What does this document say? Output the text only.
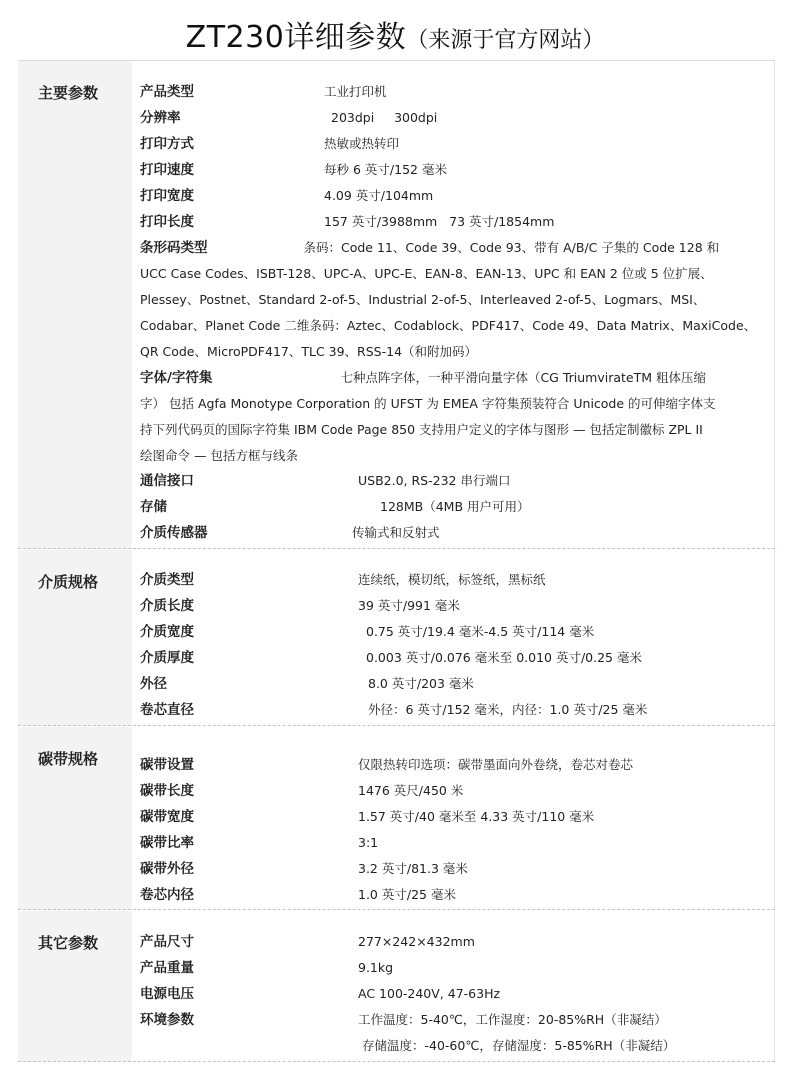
ZT230详细参数（来源于官方网站）
主要参数	产品类型	工业打印机
分辨率	203dpi     300dpi
打印方式	热敏或热转印
打印速度	每秒 6 英寸/152 毫米
打印宽度	4.09 英寸/104mm
打印长度	157 英寸/3988mm   73 英寸/1854mm
条形码类型	条码：Code 11、Code 39、Code 93、带有 A/B/C 子集的 Code 128 和
UCC Case Codes、ISBT-128、UPC-A、UPC-E、EAN-8、EAN-13、UPC 和 EAN 2 位或 5 位扩展、
Plessey、Postnet、Standard 2-of-5、Industrial 2-of-5、Interleaved 2-of-5、Logmars、MSI、
Codabar、Planet Code 二维条码：Aztec、Codablock、PDF417、Code 49、Data Matrix、MaxiCode、
QR Code、MicroPDF417、TLC 39、RSS-14（和附加码）
字体/字符集	七种点阵字体，一种平滑向量字体（CG TriumvirateTM 粗体压缩
字） 包括 Agfa Monotype Corporation 的 UFST 为 EMEA 字符集预装符合 Unicode 的可伸缩字体支
持下列代码页的国际字符集 IBM Code Page 850 支持用户定义的字体与图形 — 包括定制徽标 ZPL II
绘图命令 — 包括方框与线条
通信接口	USB2.0, RS-232 串行端口
存储	128MB（4MB 用户可用）
介质传感器	传输式和反射式
介质规格	介质类型	连续纸，模切纸，标签纸，黑标纸
介质长度	39 英寸/991 毫米
介质宽度	0.75 英寸/19.4 毫米-4.5 英寸/114 毫米
介质厚度	0.003 英寸/0.076 毫米至 0.010 英寸/0.25 毫米
外径	8.0 英寸/203 毫米
卷芯直径	外径：6 英寸/152 毫米，内径：1.0 英寸/25 毫米
碳带规格	碳带设置	仅限热转印选项：碳带墨面向外卷绕，卷芯对卷芯
碳带长度	1476 英尺/450 米
碳带宽度	1.57 英寸/40 毫米至 4.33 英寸/110 毫米
碳带比率	3:1
碳带外径	3.2 英寸/81.3 毫米
卷芯内径	1.0 英寸/25 毫米
其它参数	产品尺寸	277×242×432mm
产品重量	9.1kg
电源电压	AC 100-240V, 47-63Hz
环境参数	工作温度：5-40℃，工作湿度：20-85%RH（非凝结）
存储温度：-40-60℃，存储湿度：5-85%RH（非凝结）
